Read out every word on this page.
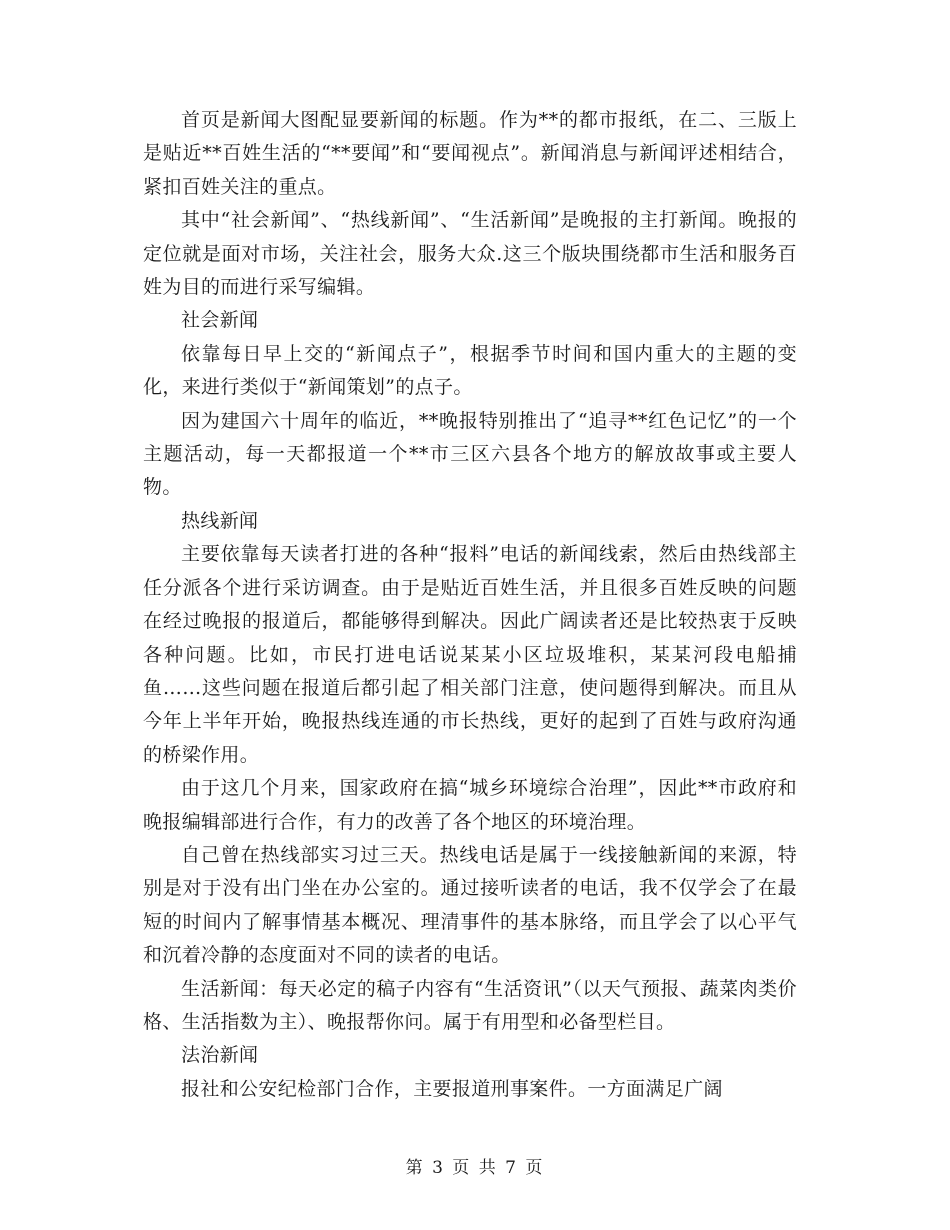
首页是新闻大图配显要新闻的标题。作为**的都市报纸，在二、三版上是贴近**百姓生活的“**要闻”和“要闻视点”。新闻消息与新闻评述相结合，紧扣百姓关注的重点。

其中“社会新闻”、“热线新闻”、“生活新闻”是晚报的主打新闻。晚报的定位就是面对市场，关注社会，服务大众.这三个版块围绕都市生活和服务百姓为目的而进行采写编辑。

社会新闻

依靠每日早上交的“新闻点子”，根据季节时间和国内重大的主题的变化，来进行类似于“新闻策划”的点子。

因为建国六十周年的临近，**晚报特别推出了“追寻**红色记忆”的一个主题活动，每一天都报道一个**市三区六县各个地方的解放故事或主要人物。

热线新闻

主要依靠每天读者打进的各种“报料”电话的新闻线索，然后由热线部主任分派各个进行采访调查。由于是贴近百姓生活，并且很多百姓反映的问题在经过晚报的报道后，都能够得到解决。因此广阔读者还是比较热衷于反映各种问题。比如，市民打进电话说某某小区垃圾堆积，某某河段电船捕鱼……这些问题在报道后都引起了相关部门注意，使问题得到解决。而且从今年上半年开始，晚报热线连通的市长热线，更好的起到了百姓与政府沟通的桥梁作用。

由于这几个月来，国家政府在搞“城乡环境综合治理”，因此**市政府和晚报编辑部进行合作，有力的改善了各个地区的环境治理。

自己曾在热线部实习过三天。热线电话是属于一线接触新闻的来源，特别是对于没有出门坐在办公室的。通过接听读者的电话，我不仅学会了在最短的时间内了解事情基本概况、理清事件的基本脉络，而且学会了以心平气和沉着冷静的态度面对不同的读者的电话。

生活新闻：每天必定的稿子内容有“生活资讯”（以天气预报、蔬菜肉类价格、生活指数为主）、晚报帮你问。属于有用型和必备型栏目。

法治新闻

报社和公安纪检部门合作，主要报道刑事案件。一方面满足广阔

第 3 页 共 7 页
